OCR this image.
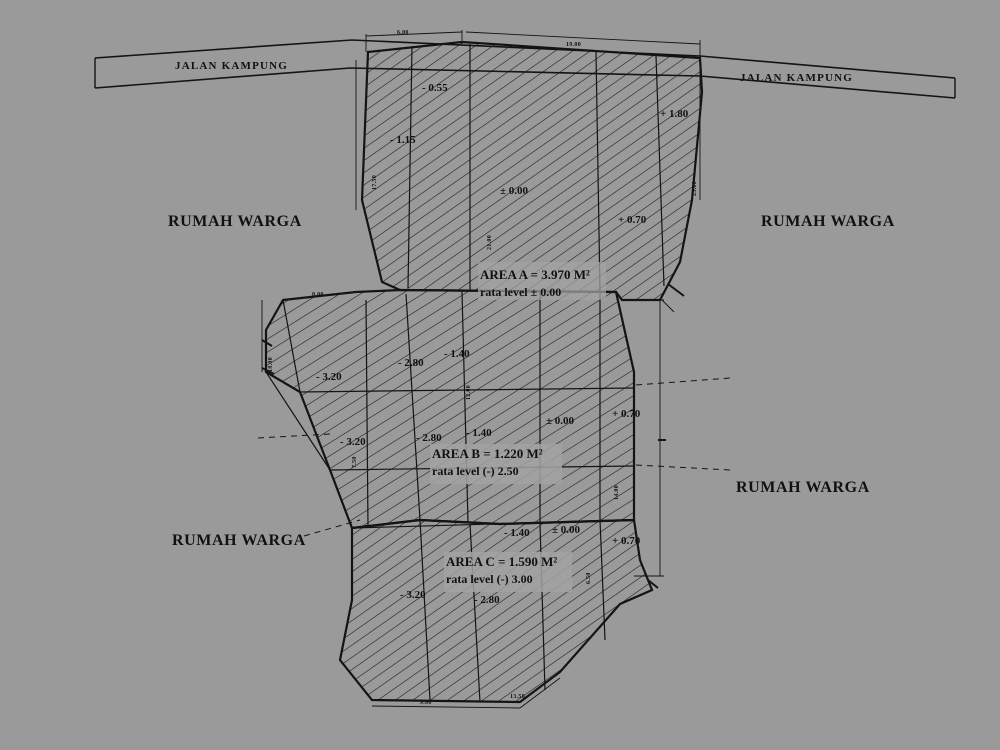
JALAN KAMPUNG
JALAN KAMPUNG
RUMAH WARGA	RUMAH WARGA
RUMAH WARGA
RUMAH WARGA
AREA A = 3.970 M²
rata level ± 0.00
AREA B = 1.220 M²
rata level (-) 2.50
AREA C = 1.590 M²
rata level (-) 3.00
- 0.55
- 1.15
± 0.00
+ 1.80
+ 0.70
- 3.20
- 2.80
- 1.40
- 3.20	- 2.80 - 1.40
± 0.00
+ 0.70
- 1.40 ± 0.00
+ 0.70
- 3.20	- 2.80
6.00
19.00
17.50
18.00
23.00
21.00
12.00
8.00
7.50
14.00
9.00
13.50
6.50
